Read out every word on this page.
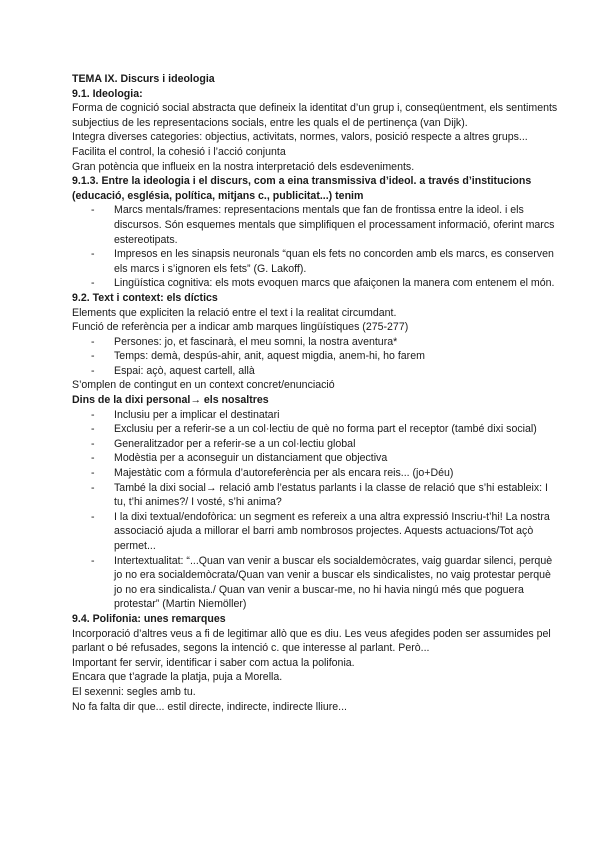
TEMA IX. Discurs i ideologia

9.1. Ideologia:

Forma de cognició social abstracta que defineix la identitat d’un grup i, conseqüentment, els sentiments subjectius de les representacions socials, entre les quals el de pertinença (van Dijk).

Integra diverses categories: objectius, activitats, normes, valors, posició respecte a altres grups...

Facilita el control, la cohesió i l’acció conjunta

Gran potència que influeix en la nostra interpretació dels esdeveniments.

9.1.3. Entre la ideologia i el discurs, com a eina transmissiva d’ideol. a través d’institucions (educació, església, política, mitjans c., publicitat...) tenim

- Marcs mentals/frames: representacions mentals que fan de frontissa entre la ideol. i els discursos. Són esquemes mentals que simplifiquen el processament informació, oferint marcs estereotipats.
- Impresos en les sinapsis neuronals “quan els fets no concorden amb els marcs, es conserven els marcs i s’ignoren els fets” (G. Lakoff).
- Lingüística cognitiva: els mots evoquen marcs que afaiçonen la manera com entenem el món.

9.2. Text i context: els díctics

Elements que expliciten la relació entre el text i la realitat circumdant.

Funció de referència per a indicar amb marques lingüístiques (275-277)

- Persones: jo, et fascinarà, el meu somni, la nostra aventura*
- Temps: demà, despús-ahir, anit, aquest migdia, anem-hi, ho farem
- Espai: açò, aquest cartell, allà

S’omplen de contingut en un context concret/enunciació

Dins de la dixi personal→ els nosaltres

- Inclusiu per a implicar el destinatari
- Exclusiu per a referir-se a un col·lectiu de què no forma part el receptor (també dixi social)
- Generalitzador per a referir-se a un col·lectiu global
- Modèstia per a aconseguir un distanciament que objectiva
- Majestàtic com a fórmula d’autoreferència per als encara reis... (jo+Déu)
- També la dixi social→ relació amb l’estatus parlants i la classe de relació que s’hi estableix: I tu, t’hi animes?/ I vosté, s’hi anima?
- I la dixi textual/endofòrica: un segment es refereix a una altra expressió Inscriu-t’hi! La nostra associació ajuda a millorar el barri amb nombrosos projectes. Aquests actuacions/Tot açò permet...
- Intertextualitat: “...Quan van venir a buscar els socialdemòcrates, vaig guardar silenci, perquè jo no era socialdemòcrata/Quan van venir a buscar els sindicalistes, no vaig protestar perquè jo no era sindicalista./ Quan van venir a buscar-me, no hi havia ningú més que poguera protestar” (Martin Niemöller)

9.4. Polifonia: unes remarques

Incorporació d’altres veus a fi de legitimar allò que es diu. Les veus afegides poden ser assumides pel parlant o bé refusades, segons la intenció c. que interesse al parlant. Però...

Important fer servir, identificar i saber com actua la polifonia.

Encara que t’agrade la platja, puja a Morella.

El sexenni: segles amb tu.

No fa falta dir que... estil directe, indirecte, indirecte lliure...
